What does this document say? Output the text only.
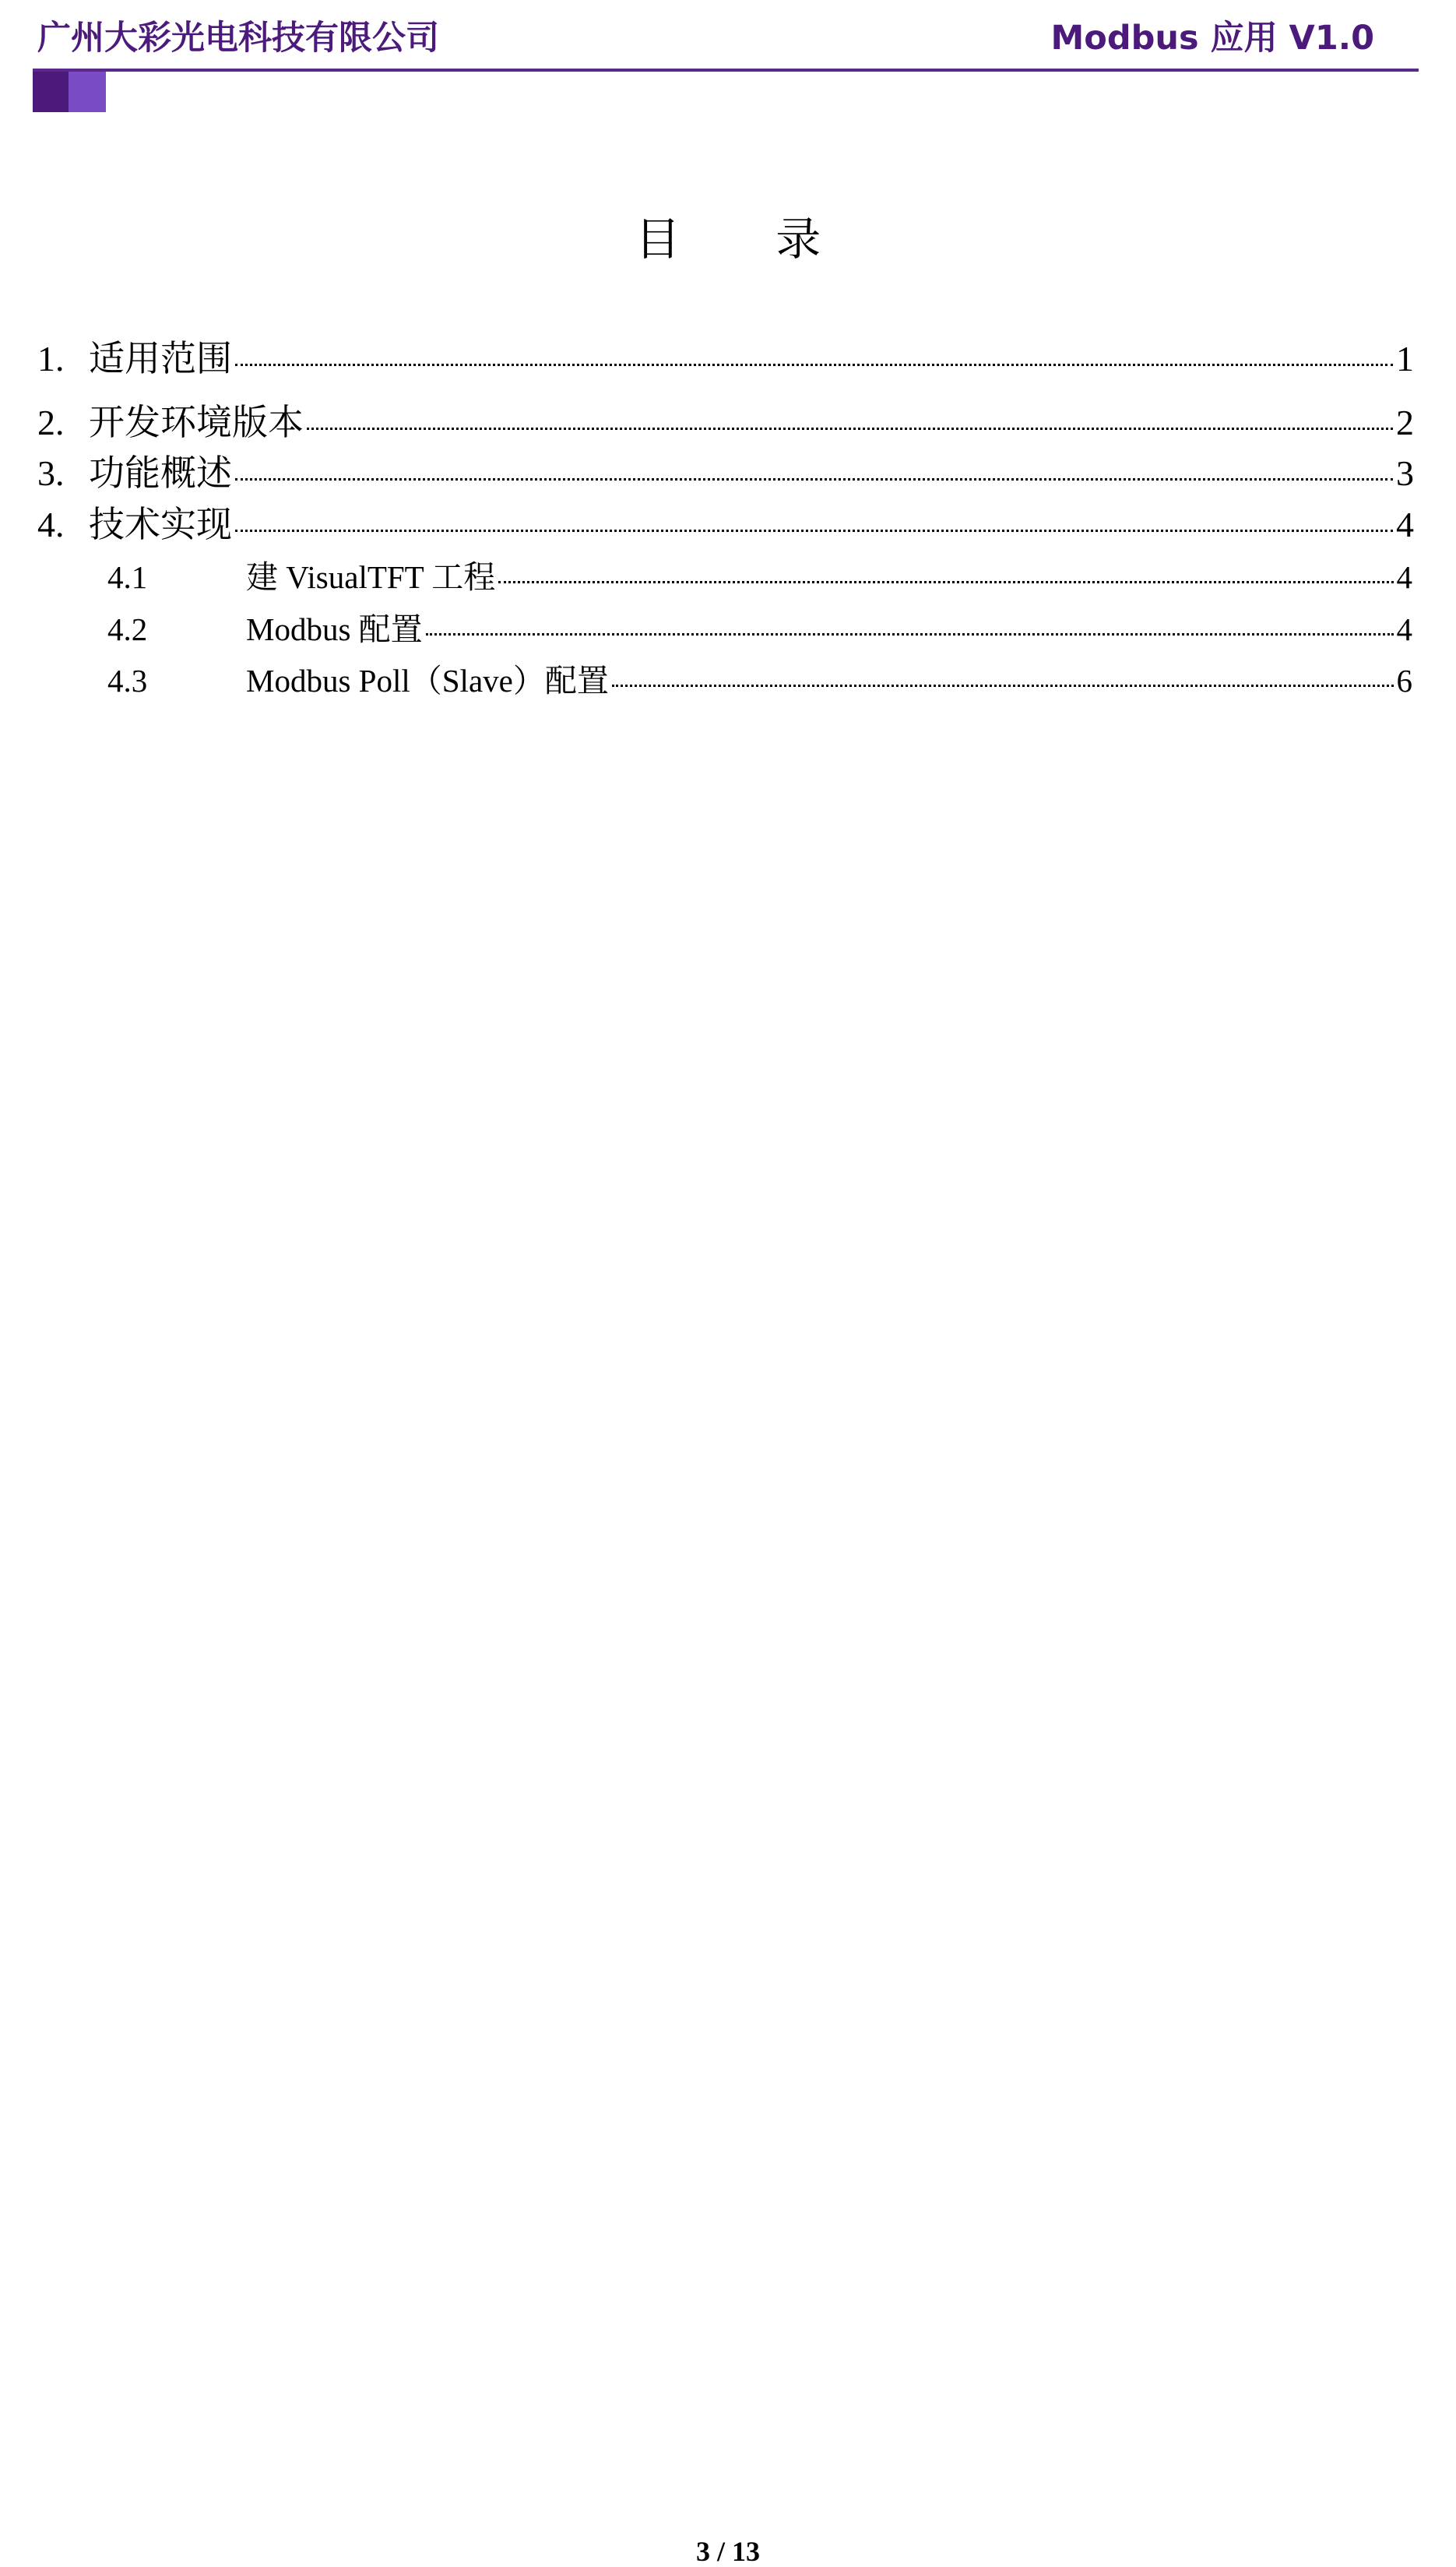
广州大彩光电科技有限公司	Modbus 应用 V1.0
目 录
1. 适用范围	1
2. 开发环境版本	2
3. 功能概述	3
4. 技术实现	4
4.1	建 VisualTFT 工程	4
4.2	Modbus 配置	4
4.3	Modbus Poll（Slave）配置	6
3 / 13
